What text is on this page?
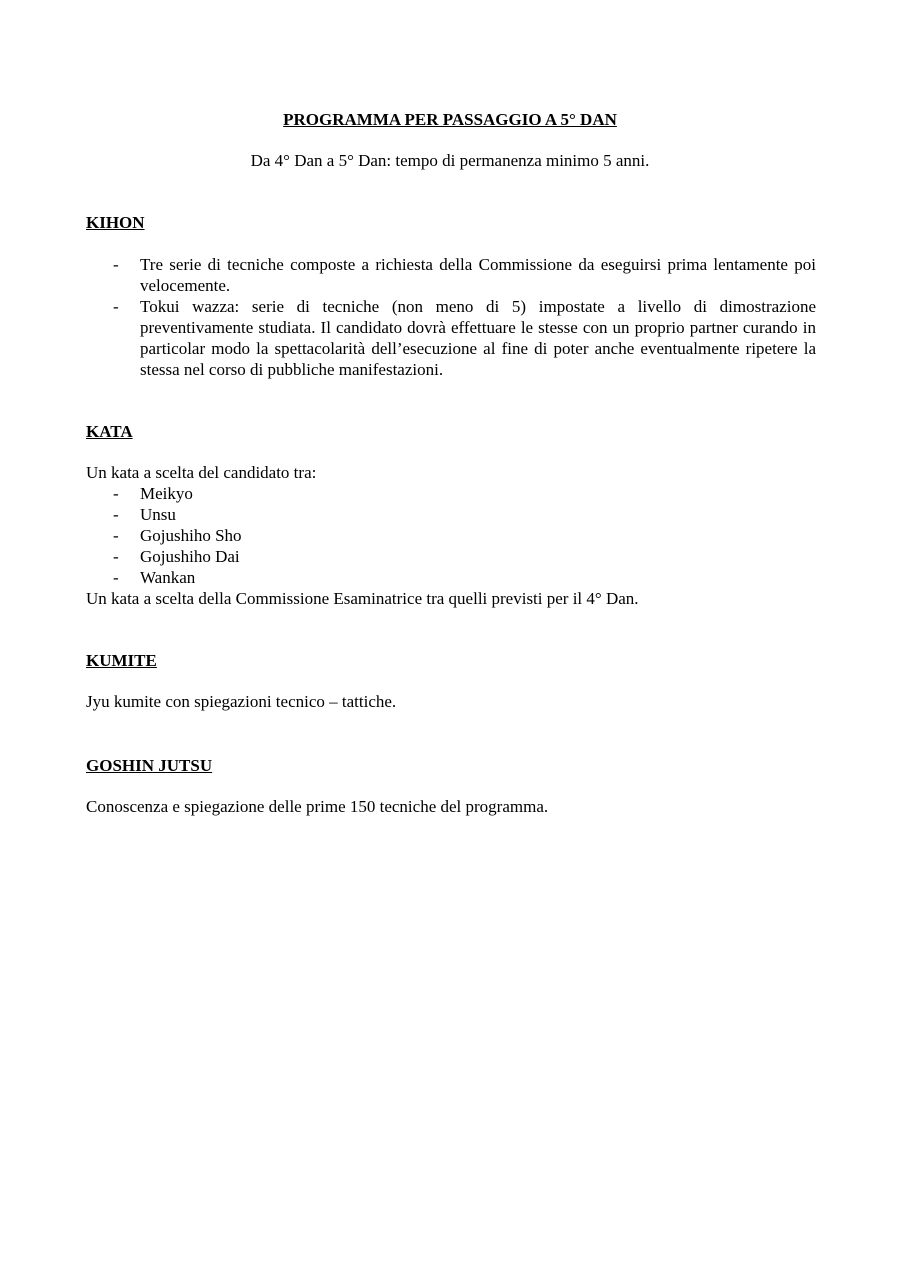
PROGRAMMA PER PASSAGGIO A 5° DAN

Da 4° Dan a 5° Dan: tempo di permanenza minimo 5 anni.

KIHON
- Tre serie di tecniche composte a richiesta della Commissione da eseguirsi prima lentamente poi velocemente.
- Tokui wazza: serie di tecniche (non meno di 5) impostate a livello di dimostrazione preventivamente studiata. Il candidato dovrà effettuare le stesse con un proprio partner curando in particolar modo la spettacolarità dell’esecuzione al fine di poter anche eventualmente ripetere la stessa nel corso di pubbliche manifestazioni.
KATA

Un kata a scelta del candidato tra:

- Meikyo
- Unsu
- Gojushiho Sho
- Gojushiho Dai
- Wankan

Un kata a scelta della Commissione Esaminatrice tra quelli previsti per il 4° Dan.

KUMITE

Jyu kumite con spiegazioni tecnico – tattiche.

GOSHIN JUTSU

Conoscenza e spiegazione delle prime 150 tecniche del programma.
